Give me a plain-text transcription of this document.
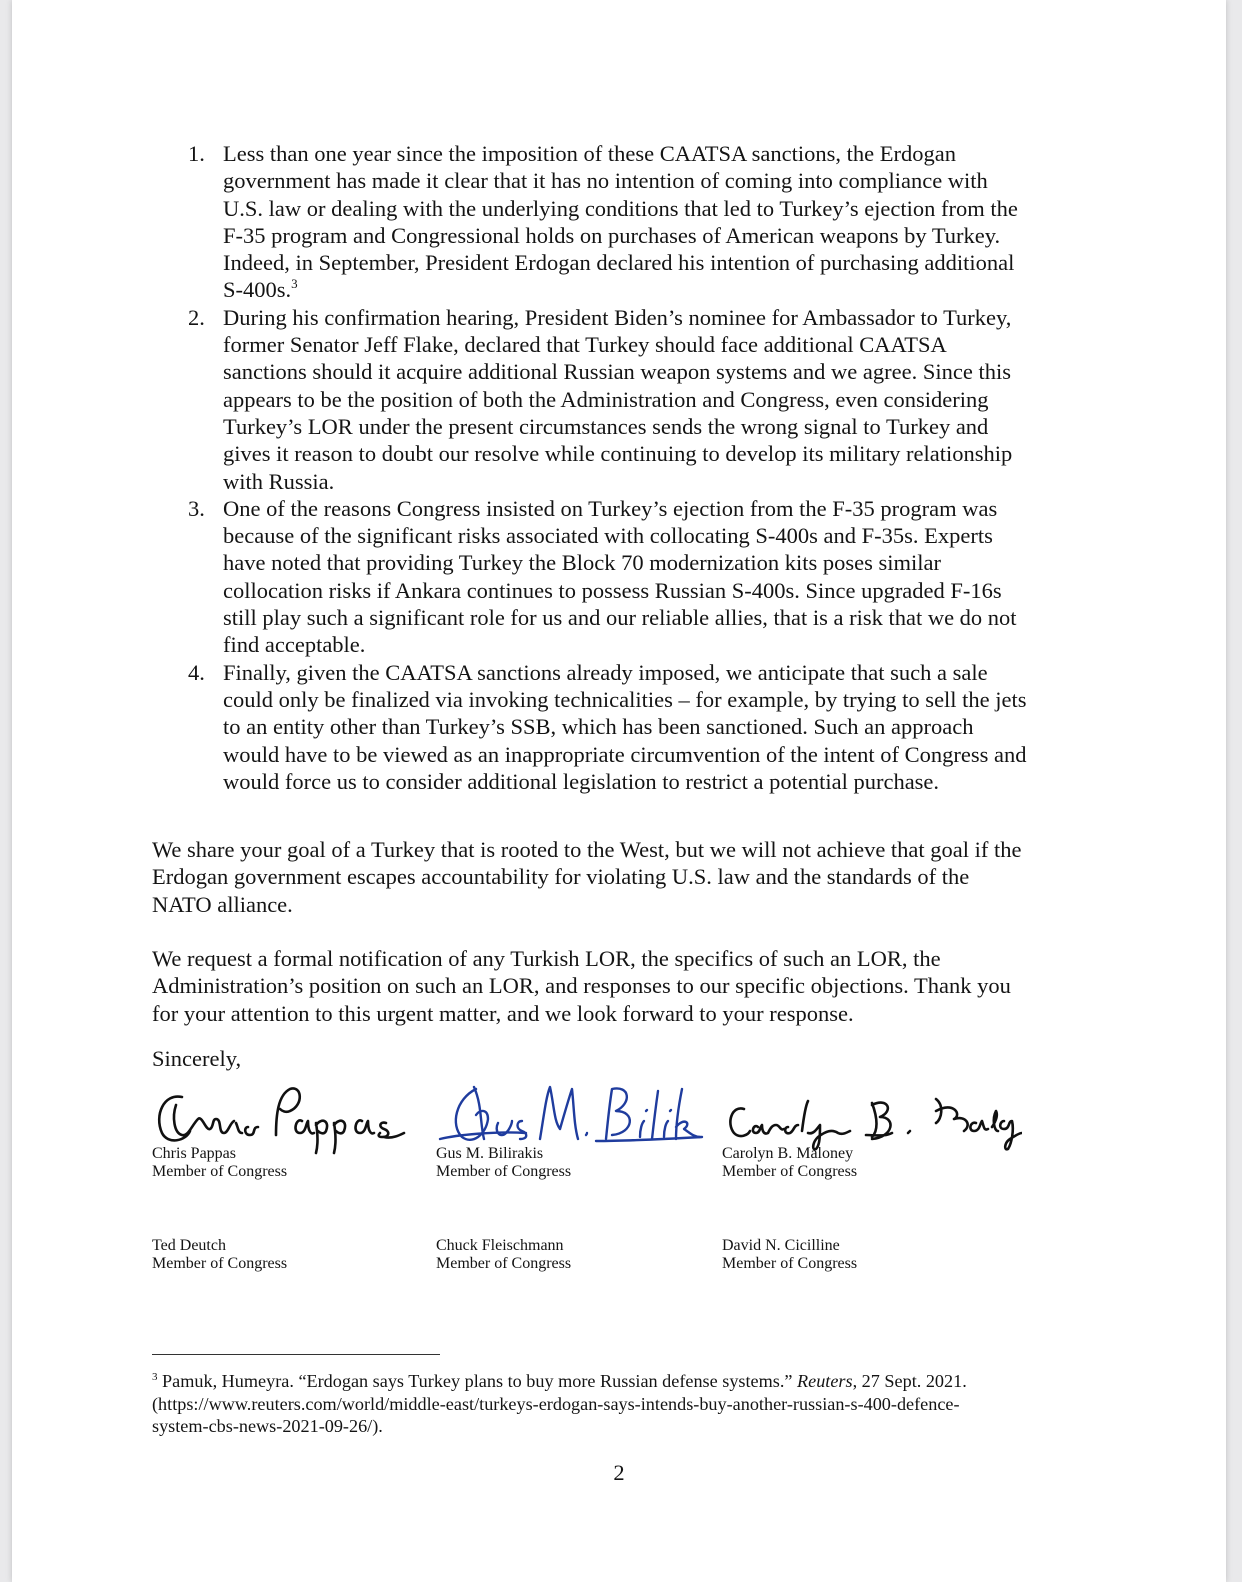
1. Less than one year since the imposition of these CAATSA sanctions, the Erdogan
government has made it clear that it has no intention of coming into compliance with
U.S. law or dealing with the underlying conditions that led to Turkey’s ejection from the
F-35 program and Congressional holds on purchases of American weapons by Turkey.
Indeed, in September, President Erdogan declared his intention of purchasing additional
S-400s.$^3$
2. During his confirmation hearing, President Biden’s nominee for Ambassador to Turkey,
former Senator Jeff Flake, declared that Turkey should face additional CAATSA
sanctions should it acquire additional Russian weapon systems and we agree. Since this
appears to be the position of both the Administration and Congress, even considering
Turkey’s LOR under the present circumstances sends the wrong signal to Turkey and
gives it reason to doubt our resolve while continuing to develop its military relationship
with Russia.
3. One of the reasons Congress insisted on Turkey’s ejection from the F-35 program was
because of the significant risks associated with collocating S-400s and F-35s. Experts
have noted that providing Turkey the Block 70 modernization kits poses similar
collocation risks if Ankara continues to possess Russian S-400s. Since upgraded F-16s
still play such a significant role for us and our reliable allies, that is a risk that we do not
find acceptable.
4. Finally, given the CAATSA sanctions already imposed, we anticipate that such a sale
could only be finalized via invoking technicalities – for example, by trying to sell the jets
to an entity other than Turkey’s SSB, which has been sanctioned. Such an approach
would have to be viewed as an inappropriate circumvention of the intent of Congress and
would force us to consider additional legislation to restrict a potential purchase.

We share your goal of a Turkey that is rooted to the West, but we will not achieve that goal if the
Erdogan government escapes accountability for violating U.S. law and the standards of the
NATO alliance.

We request a formal notification of any Turkish LOR, the specifics of such an LOR, the
Administration’s position on such an LOR, and responses to our specific objections. Thank you
for your attention to this urgent matter, and we look forward to your response.

Sincerely,
Chris Pappas
Member of Congress
Gus M. Bilirakis
Member of Congress
Carolyn B. Maloney
Member of Congress
Ted Deutch
Member of Congress
Chuck Fleischmann
Member of Congress
David N. Cicilline
Member of Congress
$^3$ Pamuk, Humeyra. “Erdogan says Turkey plans to buy more Russian defense systems.” Reuters, 27 Sept. 2021.
(https://www.reuters.com/world/middle-east/turkeys-erdogan-says-intends-buy-another-russian-s-400-defence-
system-cbs-news-2021-09-26/).
2
